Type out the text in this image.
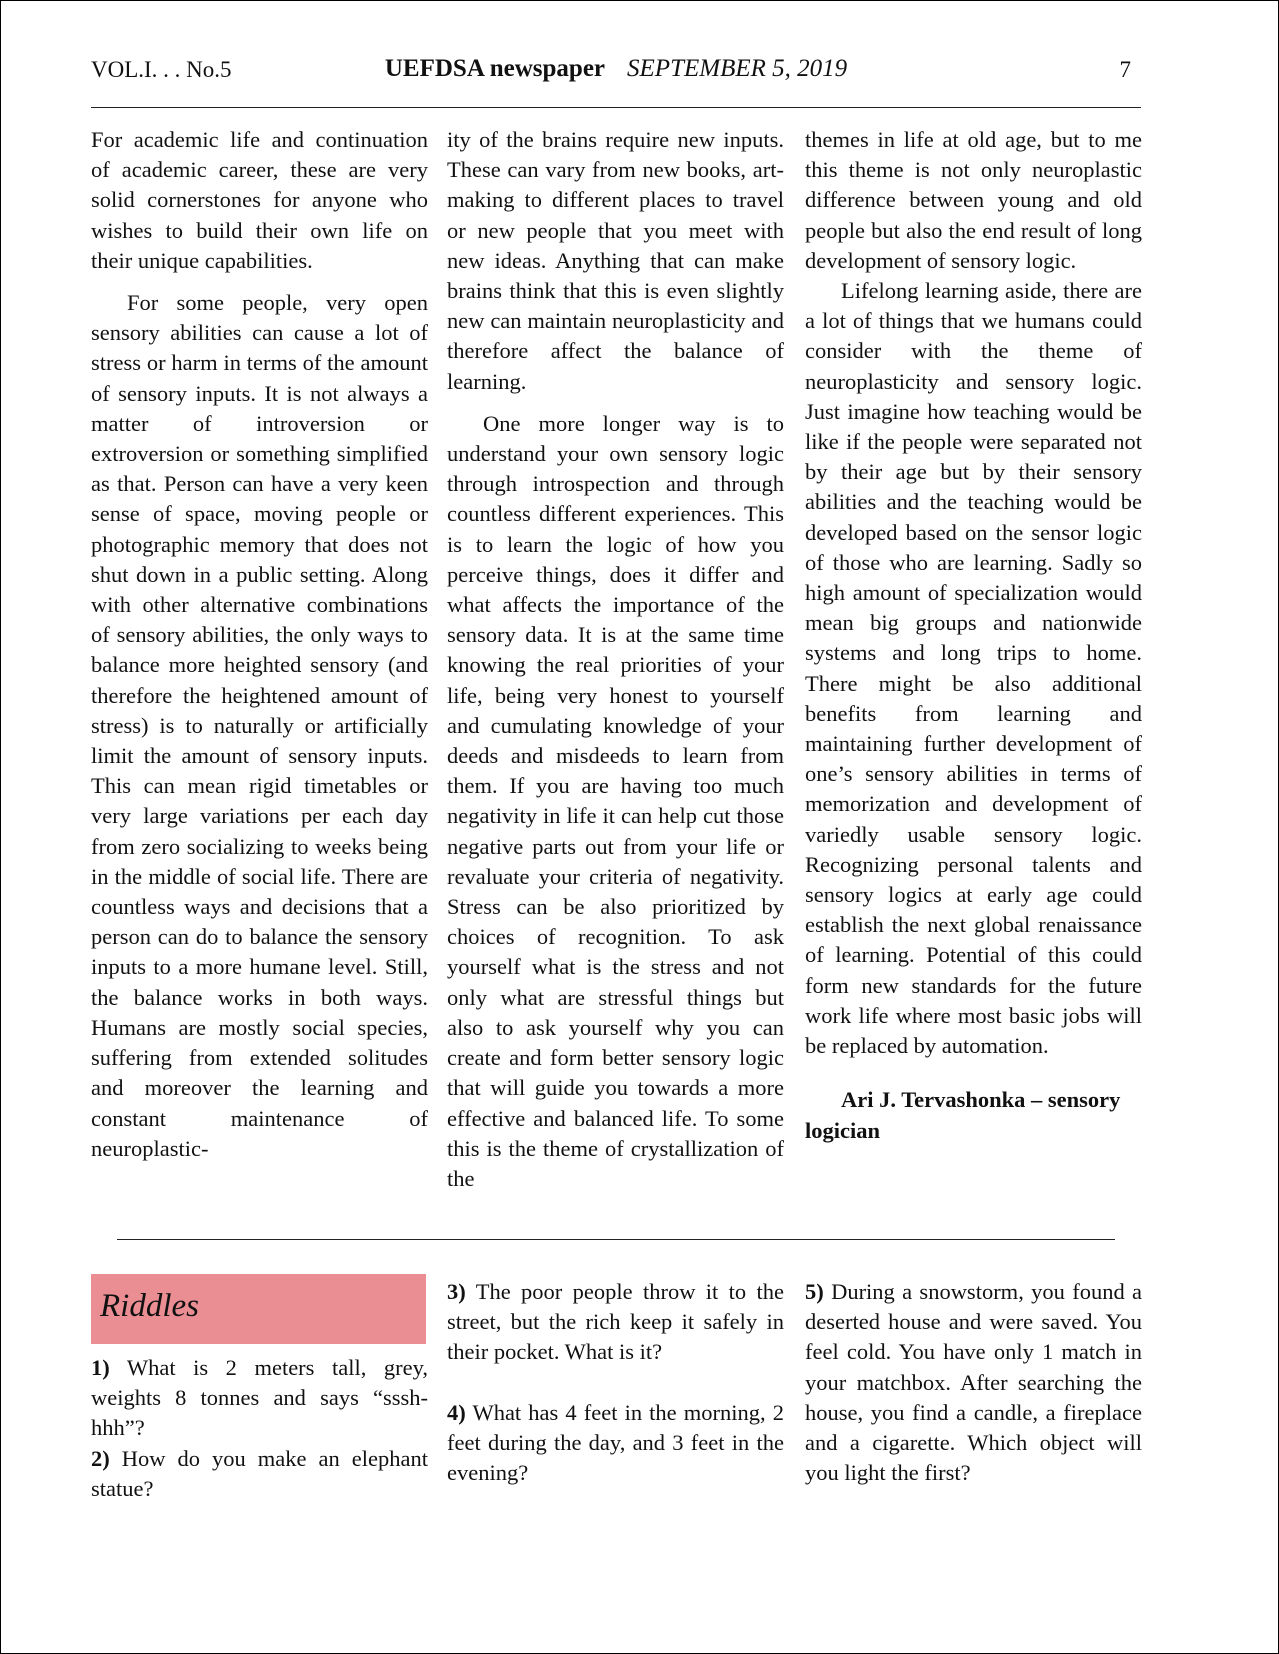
VOL.I. . . No.5	UEFDSA newspaper SEPTEMBER 5, 2019	7

For academic life and continuation of academic career, these are very solid cornerstones for anyone who wishes to build their own life on their unique capabilities.

For some people, very open sensory abilities can cause a lot of stress or harm in terms of the amount of sensory inputs. It is not always a matter of introversion or extroversion or something simplified as that. Person can have a very keen sense of space, moving people or photographic memory that does not shut down in a public setting. Along with other alternative combinations of sensory abilities, the only ways to balance more heighted sensory (and therefore the heightened amount of stress) is to naturally or artificially limit the amount of sensory inputs. This can mean rigid timetables or very large variations per each day from zero socializing to weeks being in the middle of social life. There are countless ways and decisions that a person can do to balance the sensory inputs to a more humane level. Still, the balance works in both ways. Humans are mostly social species, suffering from extended solitudes and moreover the learning and constant maintenance of neuroplastic-

ity of the brains require new inputs. These can vary from new books, art-making to different places to travel or new people that you meet with new ideas. Anything that can make brains think that this is even slightly new can maintain neuroplasticity and therefore affect the balance of learning.

One more longer way is to understand your own sensory logic through introspection and through countless different experiences. This is to learn the logic of how you perceive things, does it differ and what affects the importance of the sensory data. It is at the same time knowing the real priorities of your life, being very honest to yourself and cumulating knowledge of your deeds and misdeeds to learn from them. If you are having too much negativity in life it can help cut those negative parts out from your life or revaluate your criteria of negativity. Stress can be also prioritized by choices of recognition. To ask yourself what is the stress and not only what are stressful things but also to ask yourself why you can create and form better sensory logic that will guide you towards a more effective and balanced life. To some this is the theme of crystallization of the

themes in life at old age, but to me this theme is not only neuroplastic difference between young and old people but also the end result of long development of sensory logic.

Lifelong learning aside, there are a lot of things that we humans could consider with the theme of neuroplasticity and sensory logic. Just imagine how teaching would be like if the people were separated not by their age but by their sensory abilities and the teaching would be developed based on the sensor logic of those who are learning. Sadly so high amount of specialization would mean big groups and nationwide systems and long trips to home. There might be also additional benefits from learning and maintaining further development of one’s sensory abilities in terms of memorization and development of variedly usable sensory logic. Recognizing personal talents and sensory logics at early age could establish the next global renaissance of learning. Potential of this could form new standards for the future work life where most basic jobs will be replaced by automation.

Ari J. Tervashonka – sensory logician

Riddles

1) What is 2 meters tall, grey, weights 8 tonnes and says “sssh-hhh”?

2) How do you make an elephant statue?

3) The poor people throw it to the street, but the rich keep it safely in their pocket. What is it?

4) What has 4 feet in the morning, 2 feet during the day, and 3 feet in the evening?

5) During a snowstorm, you found a deserted house and were saved. You feel cold. You have only 1 match in your matchbox. After searching the house, you find a candle, a fireplace and a cigarette. Which object will you light the first?
